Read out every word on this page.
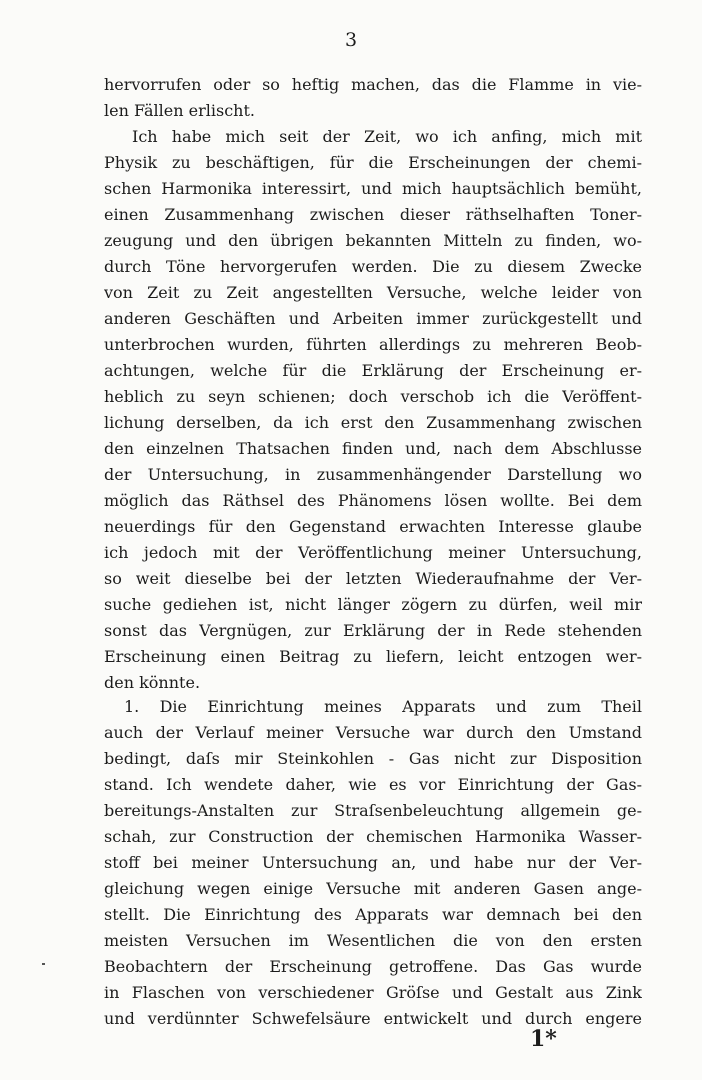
3
hervorrufen oder so heftig machen, das die Flamme in vie-
len Fällen erlischt.
Ich habe mich seit der Zeit, wo ich anfing, mich mit
Physik zu beschäftigen, für die Erscheinungen der chemi-
schen Harmonika interessirt, und mich hauptsächlich bemüht,
einen Zusammenhang zwischen dieser räthselhaften Toner-
zeugung und den übrigen bekannten Mitteln zu finden, wo-
durch Töne hervorgerufen werden. Die zu diesem Zwecke
von Zeit zu Zeit angestellten Versuche, welche leider von
anderen Geschäften und Arbeiten immer zurückgestellt und
unterbrochen wurden, führten allerdings zu mehreren Beob-
achtungen, welche für die Erklärung der Erscheinung er-
heblich zu seyn schienen; doch verschob ich die Veröffent-
lichung derselben, da ich erst den Zusammenhang zwischen
den einzelnen Thatsachen finden und, nach dem Abschlusse
der Untersuchung, in zusammenhängender Darstellung wo
möglich das Räthsel des Phänomens lösen wollte. Bei dem
neuerdings für den Gegenstand erwachten Interesse glaube
ich jedoch mit der Veröffentlichung meiner Untersuchung,
so weit dieselbe bei der letzten Wiederaufnahme der Ver-
suche gediehen ist, nicht länger zögern zu dürfen, weil mir
sonst das Vergnügen, zur Erklärung der in Rede stehenden
Erscheinung einen Beitrag zu liefern, leicht entzogen wer-
den könnte.
1. Die Einrichtung meines Apparats und zum Theil
auch der Verlauf meiner Versuche war durch den Umstand
bedingt, daſs mir Steinkohlen - Gas nicht zur Disposition
stand. Ich wendete daher, wie es vor Einrichtung der Gas-
bereitungs-Anstalten zur Straſsenbeleuchtung allgemein ge-
schah, zur Construction der chemischen Harmonika Wasser-
stoff bei meiner Untersuchung an, und habe nur der Ver-
gleichung wegen einige Versuche mit anderen Gasen ange-
stellt. Die Einrichtung des Apparats war demnach bei den
meisten Versuchen im Wesentlichen die von den ersten
Beobachtern der Erscheinung getroffene. Das Gas wurde
in Flaschen von verschiedener Gröſse und Gestalt aus Zink
und verdünnter Schwefelsäure entwickelt und durch engere
1*
